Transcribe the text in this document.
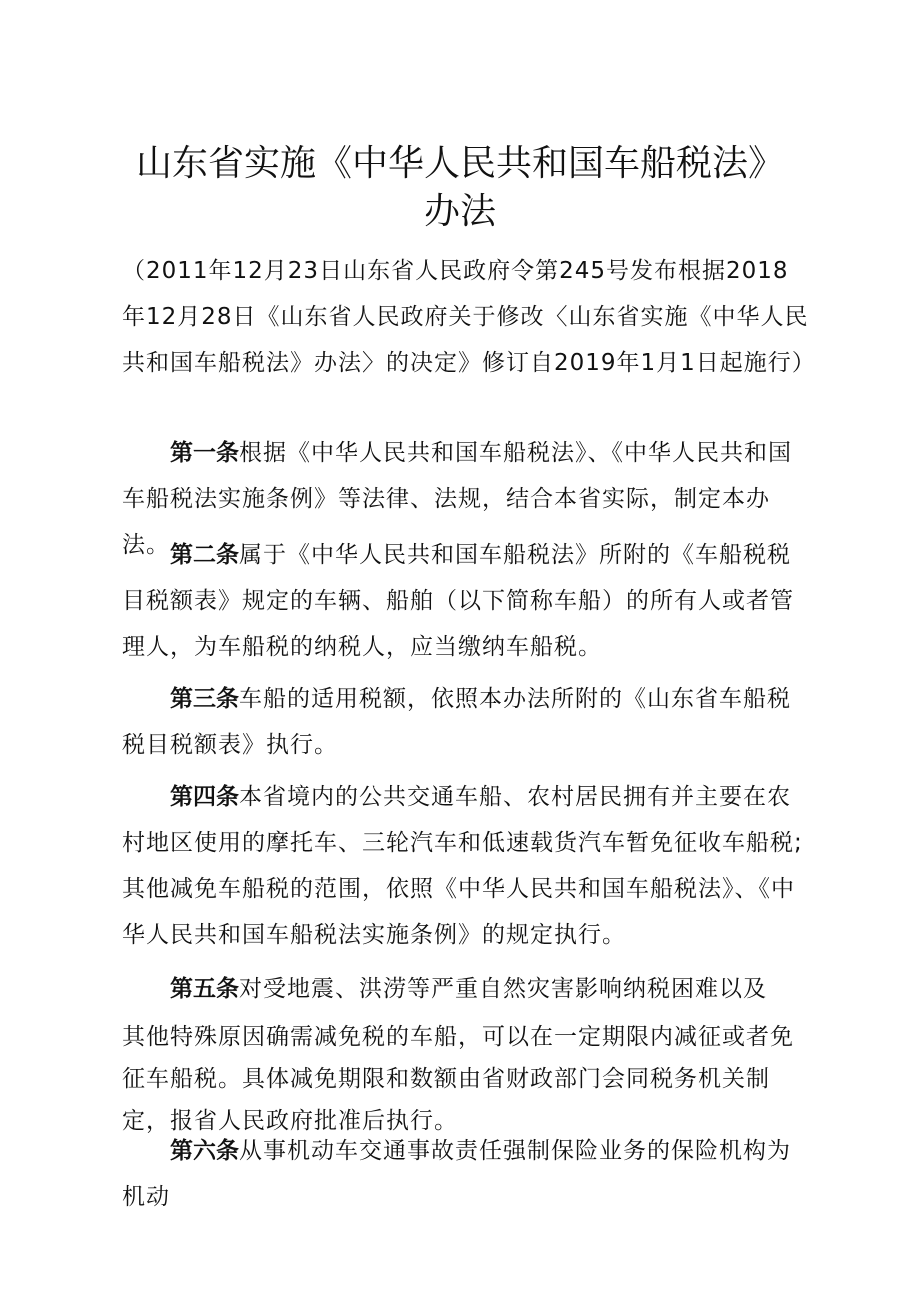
山东省实施《中华人民共和国车船税法》
办法

（2011年12月23日山东省人民政府令第245号发布根据2018年12月28日《山东省人民政府关于修改〈山东省实施《中华人民共和国车船税法》办法〉的决定》修订自2019年1月1日起施行）

第一条根据《中华人民共和国车船税法》、《中华人民共和国车船税法实施条例》等法律、法规，结合本省实际，制定本办法。 第二条属于《中华人民共和国车船税法》所附的《车船税税目税额表》规定的车辆、船舶（以下简称车船）的所有人或者管理人，为车船税的纳税人，应当缴纳车船税。

第三条车船的适用税额，依照本办法所附的《山东省车船税税目税额表》执行。

第四条本省境内的公共交通车船、农村居民拥有并主要在农村地区使用的摩托车、三轮汽车和低速载货汽车暂免征收车船税;其他减免车船税的范围，依照《中华人民共和国车船税法》、《中华人民共和国车船税法实施条例》的规定执行。

第五条对受地震、洪涝等严重自然灾害影响纳税困难以及

其他特殊原因确需减免税的车船，可以在一定期限内减征或者免征车船税。具体减免期限和数额由省财政部门会同税务机关制定，报省人民政府批准后执行。

第六条从事机动车交通事故责任强制保险业务的保险机构为机动
